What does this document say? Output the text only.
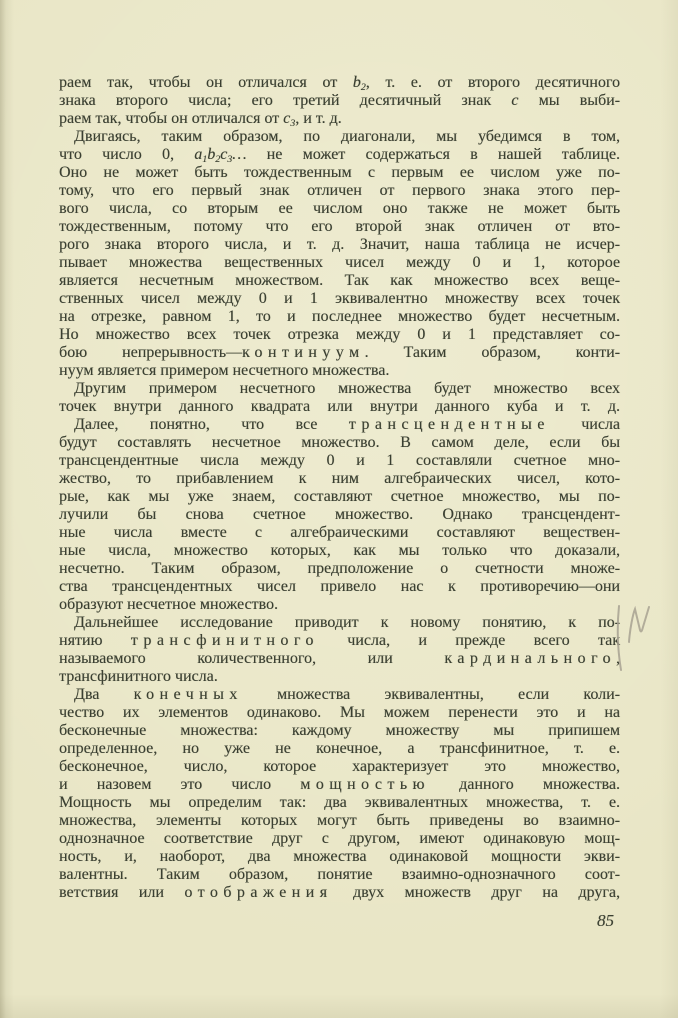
раем так, чтобы он отличался от $b_2$, т. е. от второго десятичного
знака второго числа; его третий десятичный знак c мы выби-
раем так, чтобы он отличался от $c_3$, и т. д.
Двигаясь, таким образом, по диагонали, мы убедимся в том,
что число 0, $a_1b_2c_3\dots$ не может содержаться в нашей таблице.
Оно не может быть тождественным с первым ее числом уже по-
тому, что его первый знак отличен от первого знака этого пер-
вого числа, со вторым ее числом оно также не может быть
тождественным, потому что его второй знак отличен от вто-
рого знака второго числа, и т. д. Значит, наша таблица не исчер-
пывает множества вещественных чисел между 0 и 1, которое
является несчетным множеством. Так как множество всех веще-
ственных чисел между 0 и 1 эквивалентно множеству всех точек
на отрезке, равном 1, то и последнее множество будет несчетным.
Но множество всех точек отрезка между 0 и 1 представляет со-
бою непрерывность—континуум. Таким образом, конти-
нуум является примером несчетного множества.
Другим примером несчетного множества будет множество всех
точек внутри данного квадрата или внутри данного куба и т. д.
Далее, понятно, что все трансцендентные числа
будут составлять несчетное множество. В самом деле, если бы
трансцендентные числа между 0 и 1 составляли счетное мно-
жество, то прибавлением к ним алгебраических чисел, кото-
рые, как мы уже знаем, составляют счетное множество, мы по-
лучили бы снова счетное множество. Однако трансцендент-
ные числа вместе с алгебраическими составляют веществен-
ные числа, множество которых, как мы только что доказали,
несчетно. Таким образом, предположение о счетности множе-
ства трансцендентных чисел привело нас к противоречию—они
образуют несчетное множество.
Дальнейшее исследование приводит к новому понятию, к по-
нятию трансфинитного числа, и прежде всего так
называемого количественного, или кардинального,
трансфинитного числа.
Два конечных множества эквивалентны, если коли-
чество их элементов одинаково. Мы можем перенести это и на
бесконечные множества: каждому множеству мы припишем
определенное, но уже не конечное, а трансфинитное, т. е.
бесконечное, число, которое характеризует это множество,
и назовем это число мощностью данного множества.
Мощность мы определим так: два эквивалентных множества, т. е.
множества, элементы которых могут быть приведены во взаимно-
однозначное соответствие друг с другом, имеют одинаковую мощ-
ность, и, наоборот, два множества одинаковой мощности экви-
валентны. Таким образом, понятие взаимно-однозначного соот-
ветствия или отображения двух множеств друг на друга,
85
